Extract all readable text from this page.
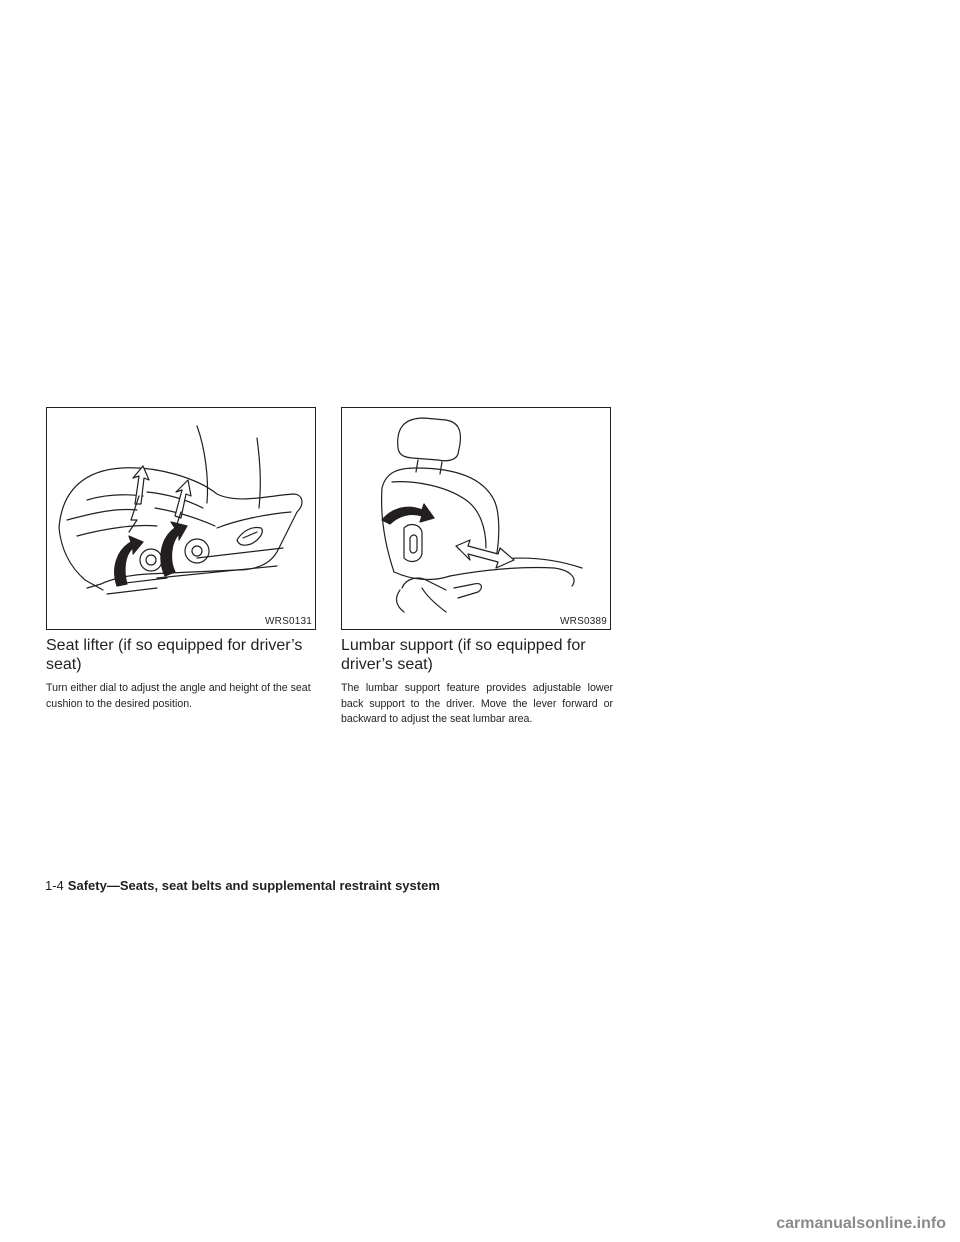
WRS0131	WRS0389
Seat lifter (if so equipped for driver’s seat)

Turn either dial to adjust the angle and height of the seat cushion to the desired position.

Lumbar support (if so equipped for driver’s seat)

The lumbar support feature provides adjustable lower back support to the driver. Move the lever forward or backward to adjust the seat lumbar area.

1-4 Safety—Seats, seat belts and supplemental restraint system
carmanualsonline.info
